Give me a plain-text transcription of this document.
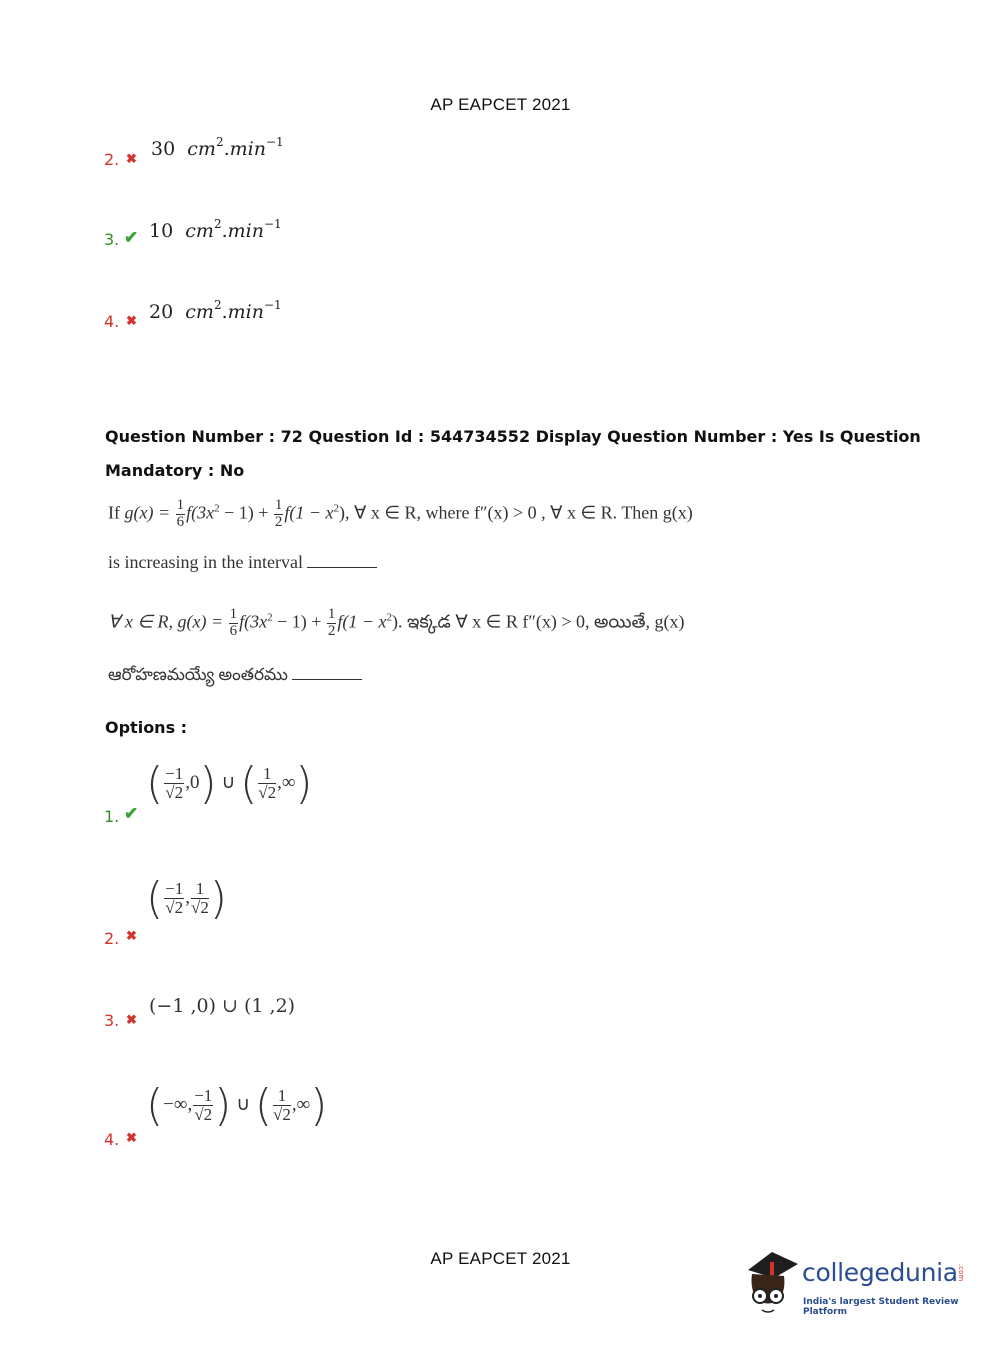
AP EAPCET 2021
2. ✖ 30 $cm^2.\min^{-1}$
3. ✔ 10 $cm^2.\min^{-1}$
4. ✖ 20 $cm^2.\min^{-1}$
Question Number : 72 Question Id : 544734552 Display Question Number : Yes Is Question
Mandatory : No
If $g(x) = \frac{1}{6} f(3x^2 - 1) + \frac{1}{2} f(1 - x^2)$, ∀ x ∈ R, where f″(x) > 0 , ∀ x ∈ R. Then g(x)
is increasing in the interval
∀ x ∈ R, $g(x) = \frac{1}{6} f(3x^2 - 1) + \frac{1}{2} f(1 - x^2)$. ఇక్కడ ∀ x ∈ R f″(x) > 0, అయితే, g(x)
ఆరోహణమయ్యే అంతరము
Options :
1. ✔
( $\frac{-1}{√2} ,0$) ∪ ( $\frac{1}{√2}$ ,∞)
2. ✖
( $\frac{-1}{√2}$ , $\frac{1}{√2}$ )
3. ✖
(−1 ,0) ∪ (1 ,2)
4. ✖
(−∞, $\frac{-1}{√2}$ ) ∪ ( $\frac{1}{√2}$ ,∞)
AP EAPCET 2021	collegedunia .com
India's largest Student Review Platform
